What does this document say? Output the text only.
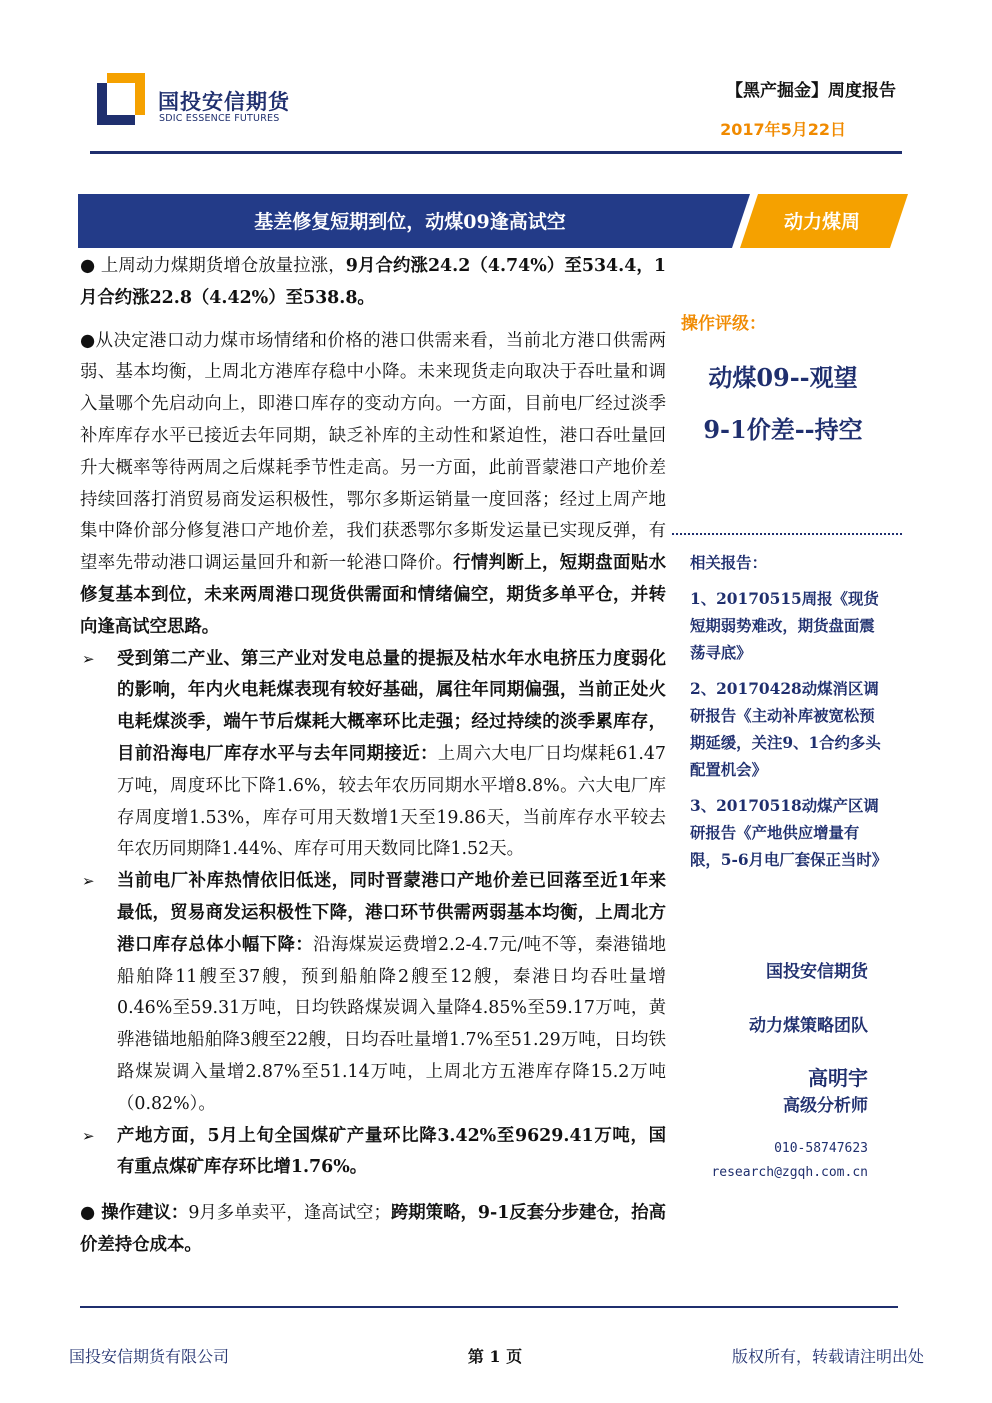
国投安信期货
SDIC ESSENCE FUTURES
【黑产掘金】周度报告
2017年5月22日
基差修复短期到位，动煤09逢高试空	动力煤周

● 上周动力煤期货增仓放量拉涨，9月合约涨24.2（4.74%）至534.4，1月合约涨22.8（4.42%）至538.8。

●从决定港口动力煤市场情绪和价格的港口供需来看，当前北方港口供需两弱、基本均衡，上周北方港库存稳中小降。未来现货走向取决于吞吐量和调入量哪个先启动向上，即港口库存的变动方向。一方面，目前电厂经过淡季补库库存水平已接近去年同期，缺乏补库的主动性和紧迫性，港口吞吐量回升大概率等待两周之后煤耗季节性走高。另一方面，此前晋蒙港口产地价差持续回落打消贸易商发运积极性，鄂尔多斯运销量一度回落；经过上周产地集中降价部分修复港口产地价差，我们获悉鄂尔多斯发运量已实现反弹，有望率先带动港口调运量回升和新一轮港口降价。行情判断上，短期盘面贴水修复基本到位，未来两周港口现货供需面和情绪偏空，期货多单平仓，并转向逢高试空思路。

➢ 受到第二产业、第三产业对发电总量的提振及枯水年水电挤压力度弱化的影响，年内火电耗煤表现有较好基础，属往年同期偏强，当前正处火电耗煤淡季，端午节后煤耗大概率环比走强；经过持续的淡季累库存，目前沿海电厂库存水平与去年同期接近：上周六大电厂日均煤耗61.47万吨，周度环比下降1.6%，较去年农历同期水平增8.8%。六大电厂库存周度增1.53%，库存可用天数增1天至19.86天，当前库存水平较去年农历同期降1.44%、库存可用天数同比降1.52天。

➢ 当前电厂补库热情依旧低迷，同时晋蒙港口产地价差已回落至近1年来最低，贸易商发运积极性下降，港口环节供需两弱基本均衡，上周北方港口库存总体小幅下降：沿海煤炭运费增2.2-4.7元/吨不等，秦港锚地船舶降11艘至37艘，预到船舶降2艘至12艘，秦港日均吞吐量增0.46%至59.31万吨，日均铁路煤炭调入量降4.85%至59.17万吨，黄骅港锚地船舶降3艘至22艘，日均吞吐量增1.7%至51.29万吨，日均铁路煤炭调入量增2.87%至51.14万吨，上周北方五港库存降15.2万吨（0.82%）。

➢ 产地方面，5月上旬全国煤矿产量环比降3.42%至9629.41万吨，国有重点煤矿库存环比增1.76%。

● 操作建议：9月多单卖平，逢高试空；跨期策略，9-1反套分步建仓，抬高价差持仓成本。

操作评级：
动煤09--观望
9-1价差--持空
相关报告：
1、20170515周报《现货短期弱势难改，期货盘面震荡寻底》
2、20170428动煤消区调研报告《主动补库被宽松预期延缓，关注9、1合约多头配置机会》
3、20170518动煤产区调研报告《产地供应增量有限，5-6月电厂套保正当时》
国投安信期货
动力煤策略团队
高明宇
高级分析师
010-58747623
research@zgqh.com.cn
国投安信期货有限公司	第 1 页	版权所有，转载请注明出处
